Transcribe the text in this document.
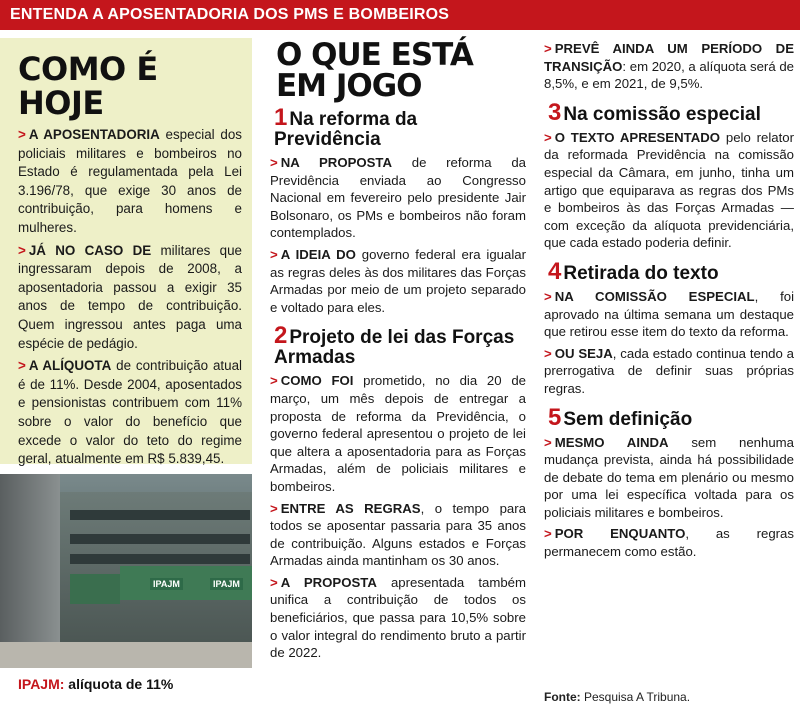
ENTENDA A APOSENTADORIA DOS PMS E BOMBEIROS
COMO É HOJE

> A APOSENTADORIA especial dos policiais militares e bombeiros no Estado é regulamentada pela Lei 3.196/78, que exige 30 anos de contribuição, para homens e mulheres.

> JÁ NO CASO DE militares que ingressaram depois de 2008, a aposentadoria passou a exigir 35 anos de tempo de contribuição. Quem ingressou antes paga uma espécie de pedágio.

> A ALÍQUOTA de contribuição atual é de 11%. Desde 2004, aposentados e pensionistas contribuem com 11% sobre o valor do benefício que excede o valor do teto do regime geral, atualmente em R$ 5.839,45.

IPAJM	IPAJM
IPAJM: alíquota de 11%
O QUE ESTÁ
EM JOGO
1 Na reforma da Previdência

> NA PROPOSTA de reforma da Previdência enviada ao Congresso Nacional em fevereiro pelo presidente Jair Bolsonaro, os PMs e bombeiros não foram contemplados.

> A IDEIA DO governo federal era igualar as regras deles às dos militares das Forças Armadas por meio de um projeto separado e voltado para eles.

2 Projeto de lei das Forças Armadas

> COMO FOI prometido, no dia 20 de março, um mês depois de entregar a proposta de reforma da Previdência, o governo federal apresentou o projeto de lei que altera a aposentadoria para as Forças Armadas, além de policiais militares e bombeiros.

> ENTRE AS REGRAS, o tempo para todos se aposentar passaria para 35 anos de contribuição. Alguns estados e Forças Armadas ainda mantinham os 30 anos.

> A PROPOSTA apresentada também unifica a contribuição de todos os beneficiários, que passa para 10,5% sobre o valor integral do rendimento bruto a partir de 2022.

> PREVÊ AINDA UM PERÍODO DE TRANSIÇÃO: em 2020, a alíquota será de 8,5%, e em 2021, de 9,5%.

3 Na comissão especial

> O TEXTO APRESENTADO pelo relator da reformada Previdência na comissão especial da Câmara, em junho, tinha um artigo que equiparava as regras dos PMs e bombeiros às das Forças Armadas — com exceção da alíquota previdenciária, que cada estado poderia definir.

4 Retirada do texto

> NA COMISSÃO ESPECIAL, foi aprovado na última semana um destaque que retirou esse item do texto da reforma.

> OU SEJA, cada estado continua tendo a prerrogativa de definir suas próprias regras.

5 Sem definição

> MESMO AINDA sem nenhuma mudança prevista, ainda há possibilidade de debate do tema em plenário ou mesmo por uma lei específica voltada para os policiais militares e bombeiros.

> POR ENQUANTO, as regras permanecem como estão.

Fonte: Pesquisa A Tribuna.
